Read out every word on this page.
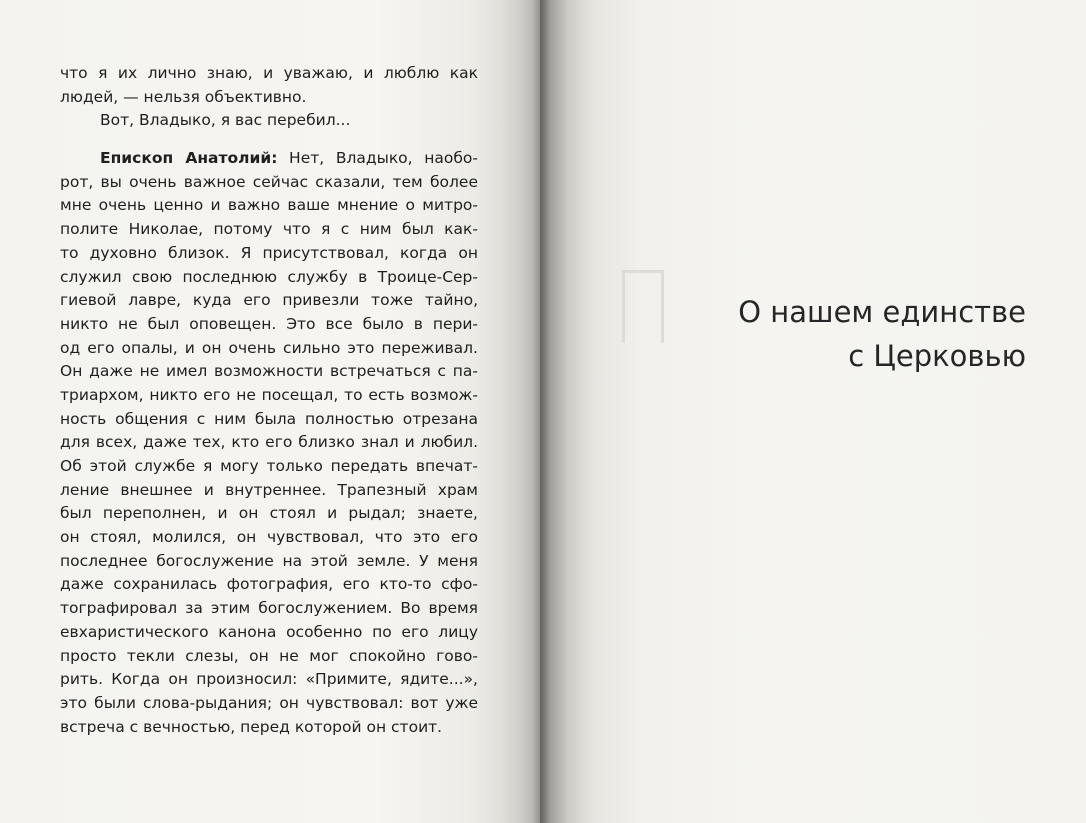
что я их лично знаю, и уважаю, и люблю как
людей, — нельзя объективно.
Вот, Владыко, я вас перебил...
Епископ Анатолий: Нет, Владыко, наобо-
рот, вы очень важное сейчас сказали, тем более
мне очень ценно и важно ваше мнение о митро-
полите Николае, потому что я с ним был как-
то духовно близок. Я присутствовал, когда он
служил свою последнюю службу в Троице-Сер-
гиевой лавре, куда его привезли тоже тайно,
никто не был оповещен. Это все было в пери-
од его опалы, и он очень сильно это переживал.
Он даже не имел возможности встречаться с па-
триархом, никто его не посещал, то есть возмож-
ность общения с ним была полностью отрезана
для всех, даже тех, кто его близко знал и любил.
Об этой службе я могу только передать впечат-
ление внешнее и внутреннее. Трапезный храм
был переполнен, и он стоял и рыдал; знаете,
он стоял, молился, он чувствовал, что это его
последнее богослужение на этой земле. У меня
даже сохранилась фотография, его кто-то сфо-
тографировал за этим богослужением. Во время
евхаристического канона особенно по его лицу
просто текли слезы, он не мог спокойно гово-
рить. Когда он произносил: «Примите, ядите...»,
это были слова-рыдания; он чувствовал: вот уже
встреча с вечностью, перед которой он стоит.
О нашем единстве
с Церковью
